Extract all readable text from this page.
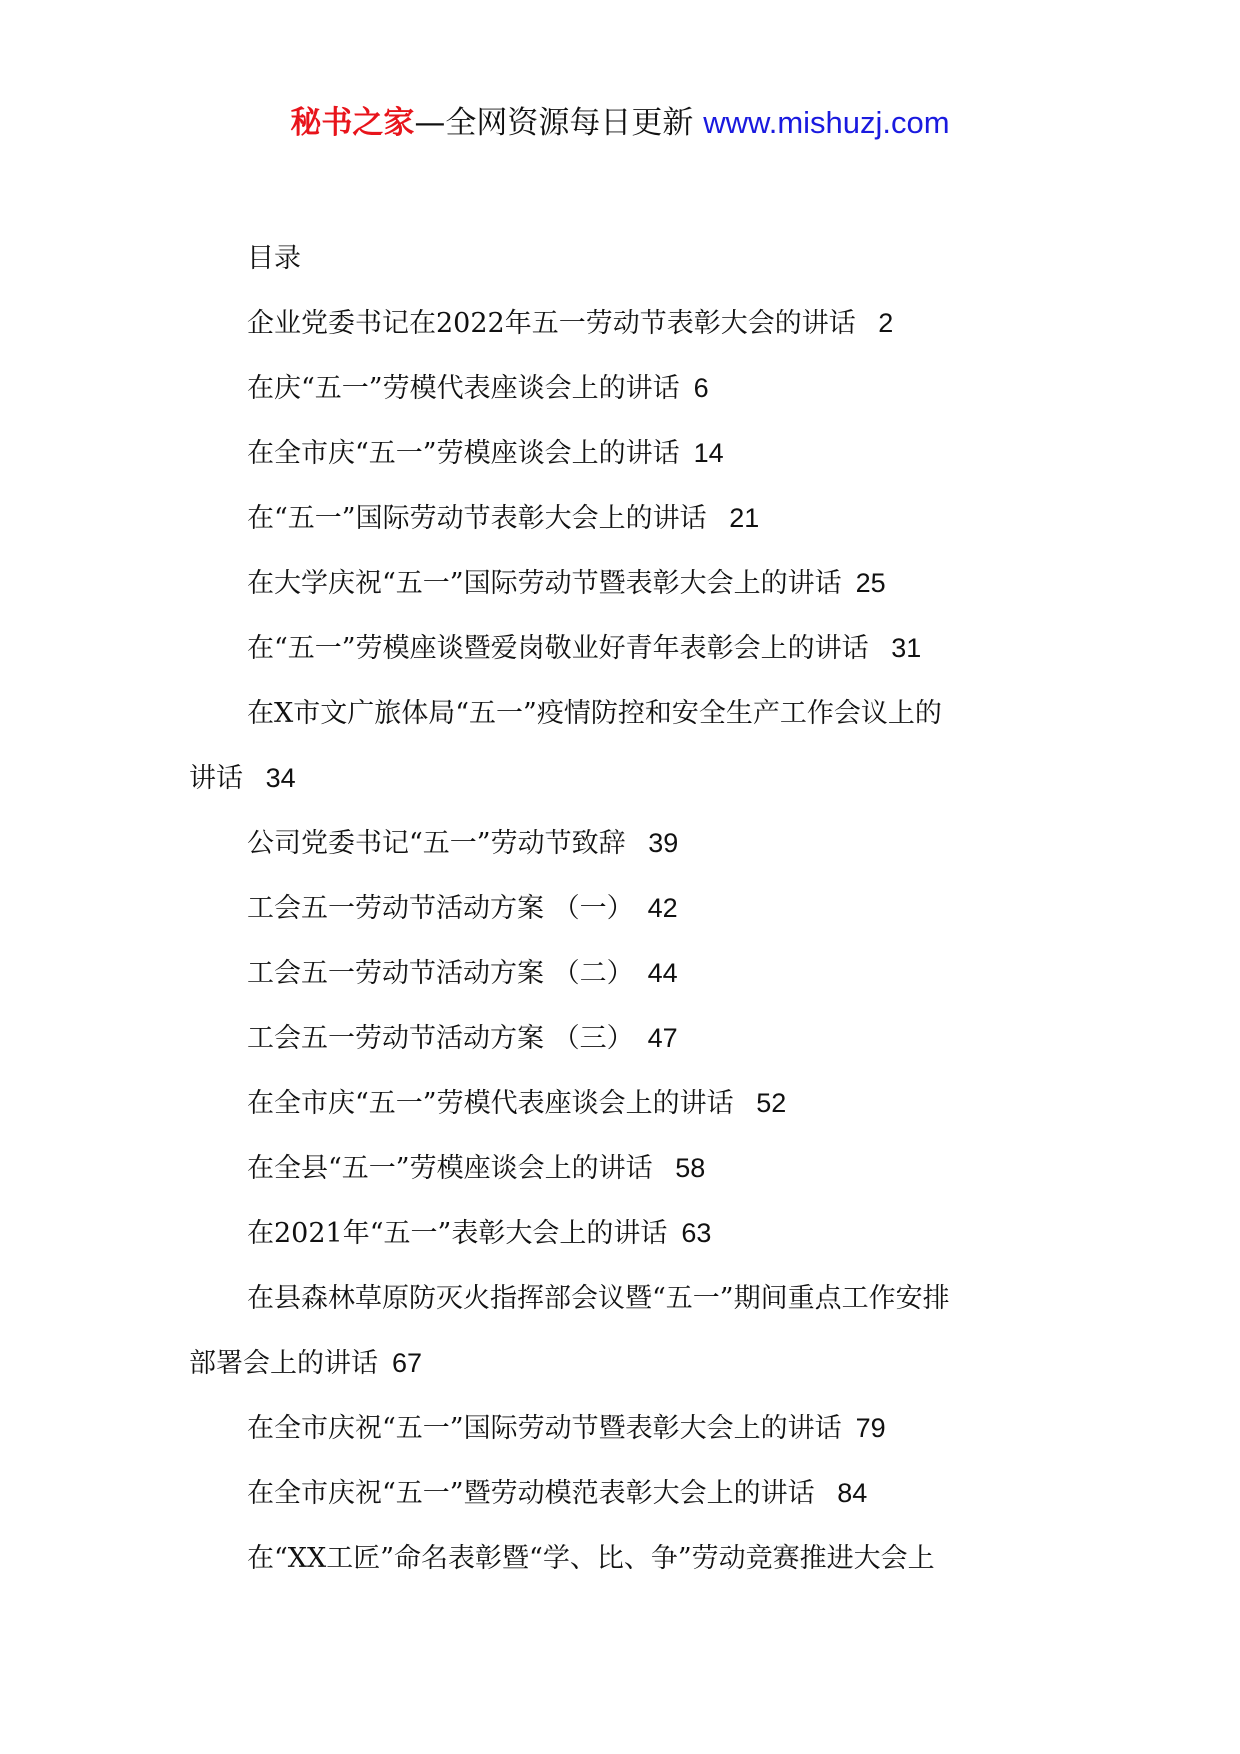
秘书之家—全网资源每日更新 www.mishuzj.com
目录
企业党委书记在2022年五一劳动节表彰大会的讲话 2
在庆“五一”劳模代表座谈会上的讲话 6
在全市庆“五一”劳模座谈会上的讲话 14
在“五一”国际劳动节表彰大会上的讲话 21
在大学庆祝“五一”国际劳动节暨表彰大会上的讲话 25
在“五一”劳模座谈暨爱岗敬业好青年表彰会上的讲话 31
在X市文广旅体局“五一”疫情防控和安全生产工作会议上的
讲话 34
公司党委书记“五一”劳动节致辞 39
工会五一劳动节活动方案 （一） 42
工会五一劳动节活动方案 （二） 44
工会五一劳动节活动方案 （三） 47
在全市庆“五一”劳模代表座谈会上的讲话 52
在全县“五一”劳模座谈会上的讲话 58
在2021年“五一”表彰大会上的讲话 63
在县森林草原防灭火指挥部会议暨“五一”期间重点工作安排
部署会上的讲话 67
在全市庆祝“五一”国际劳动节暨表彰大会上的讲话 79
在全市庆祝“五一”暨劳动模范表彰大会上的讲话 84
在“XX工匠”命名表彰暨“学、比、争”劳动竞赛推进大会上
